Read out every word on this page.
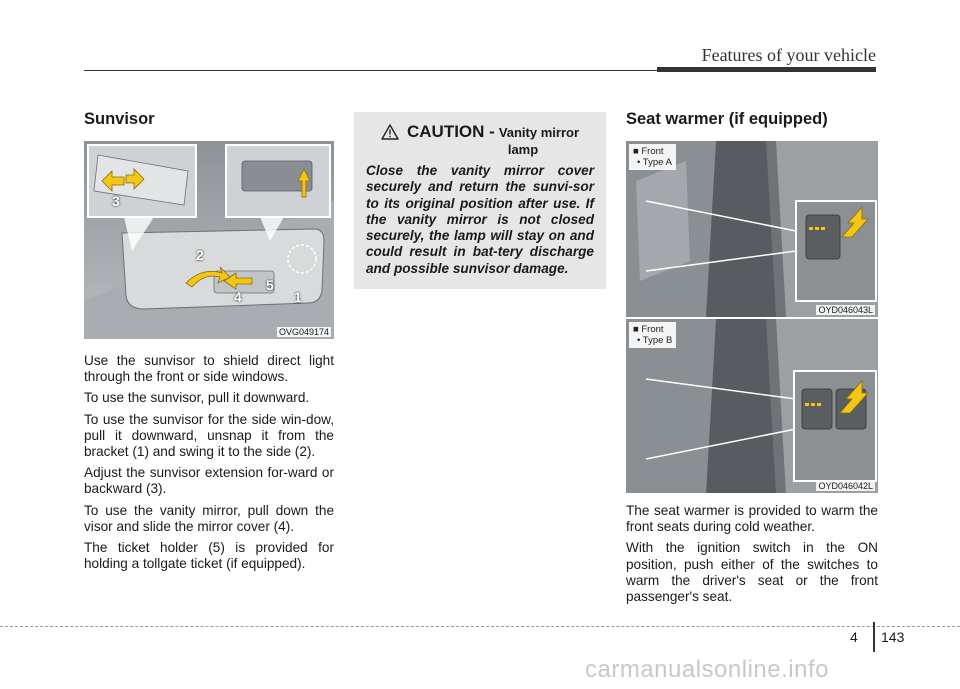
Features of your vehicle
Sunvisor
3
2
5
4	1
OVG049174

Use the sunvisor to shield direct light through the front or side windows.

To use the sunvisor, pull it downward.

To use the sunvisor for the side win-dow, pull it downward, unsnap it from the bracket (1) and swing it to the side (2).

Adjust the sunvisor extension for-ward or backward (3).

To use the vanity mirror, pull down the visor and slide the mirror cover (4).

The ticket holder (5) is provided for holding a tollgate ticket (if equipped).

CAUTION - Vanity mirror
lamp

Close the vanity mirror cover securely and return the sunvi-sor to its original position after use. If the vanity mirror is not closed securely, the lamp will stay on and could result in bat-tery discharge and possible sunvisor damage.

Seat warmer (if equipped)
■ Front
• Type A
OYD046043L
■ Front
• Type B
OYD046042L

The seat warmer is provided to warm the front seats during cold weather.

With the ignition switch in the ON position, push either of the switches to warm the driver's seat or the front passenger's seat.

4 143
carmanualsonline.info
